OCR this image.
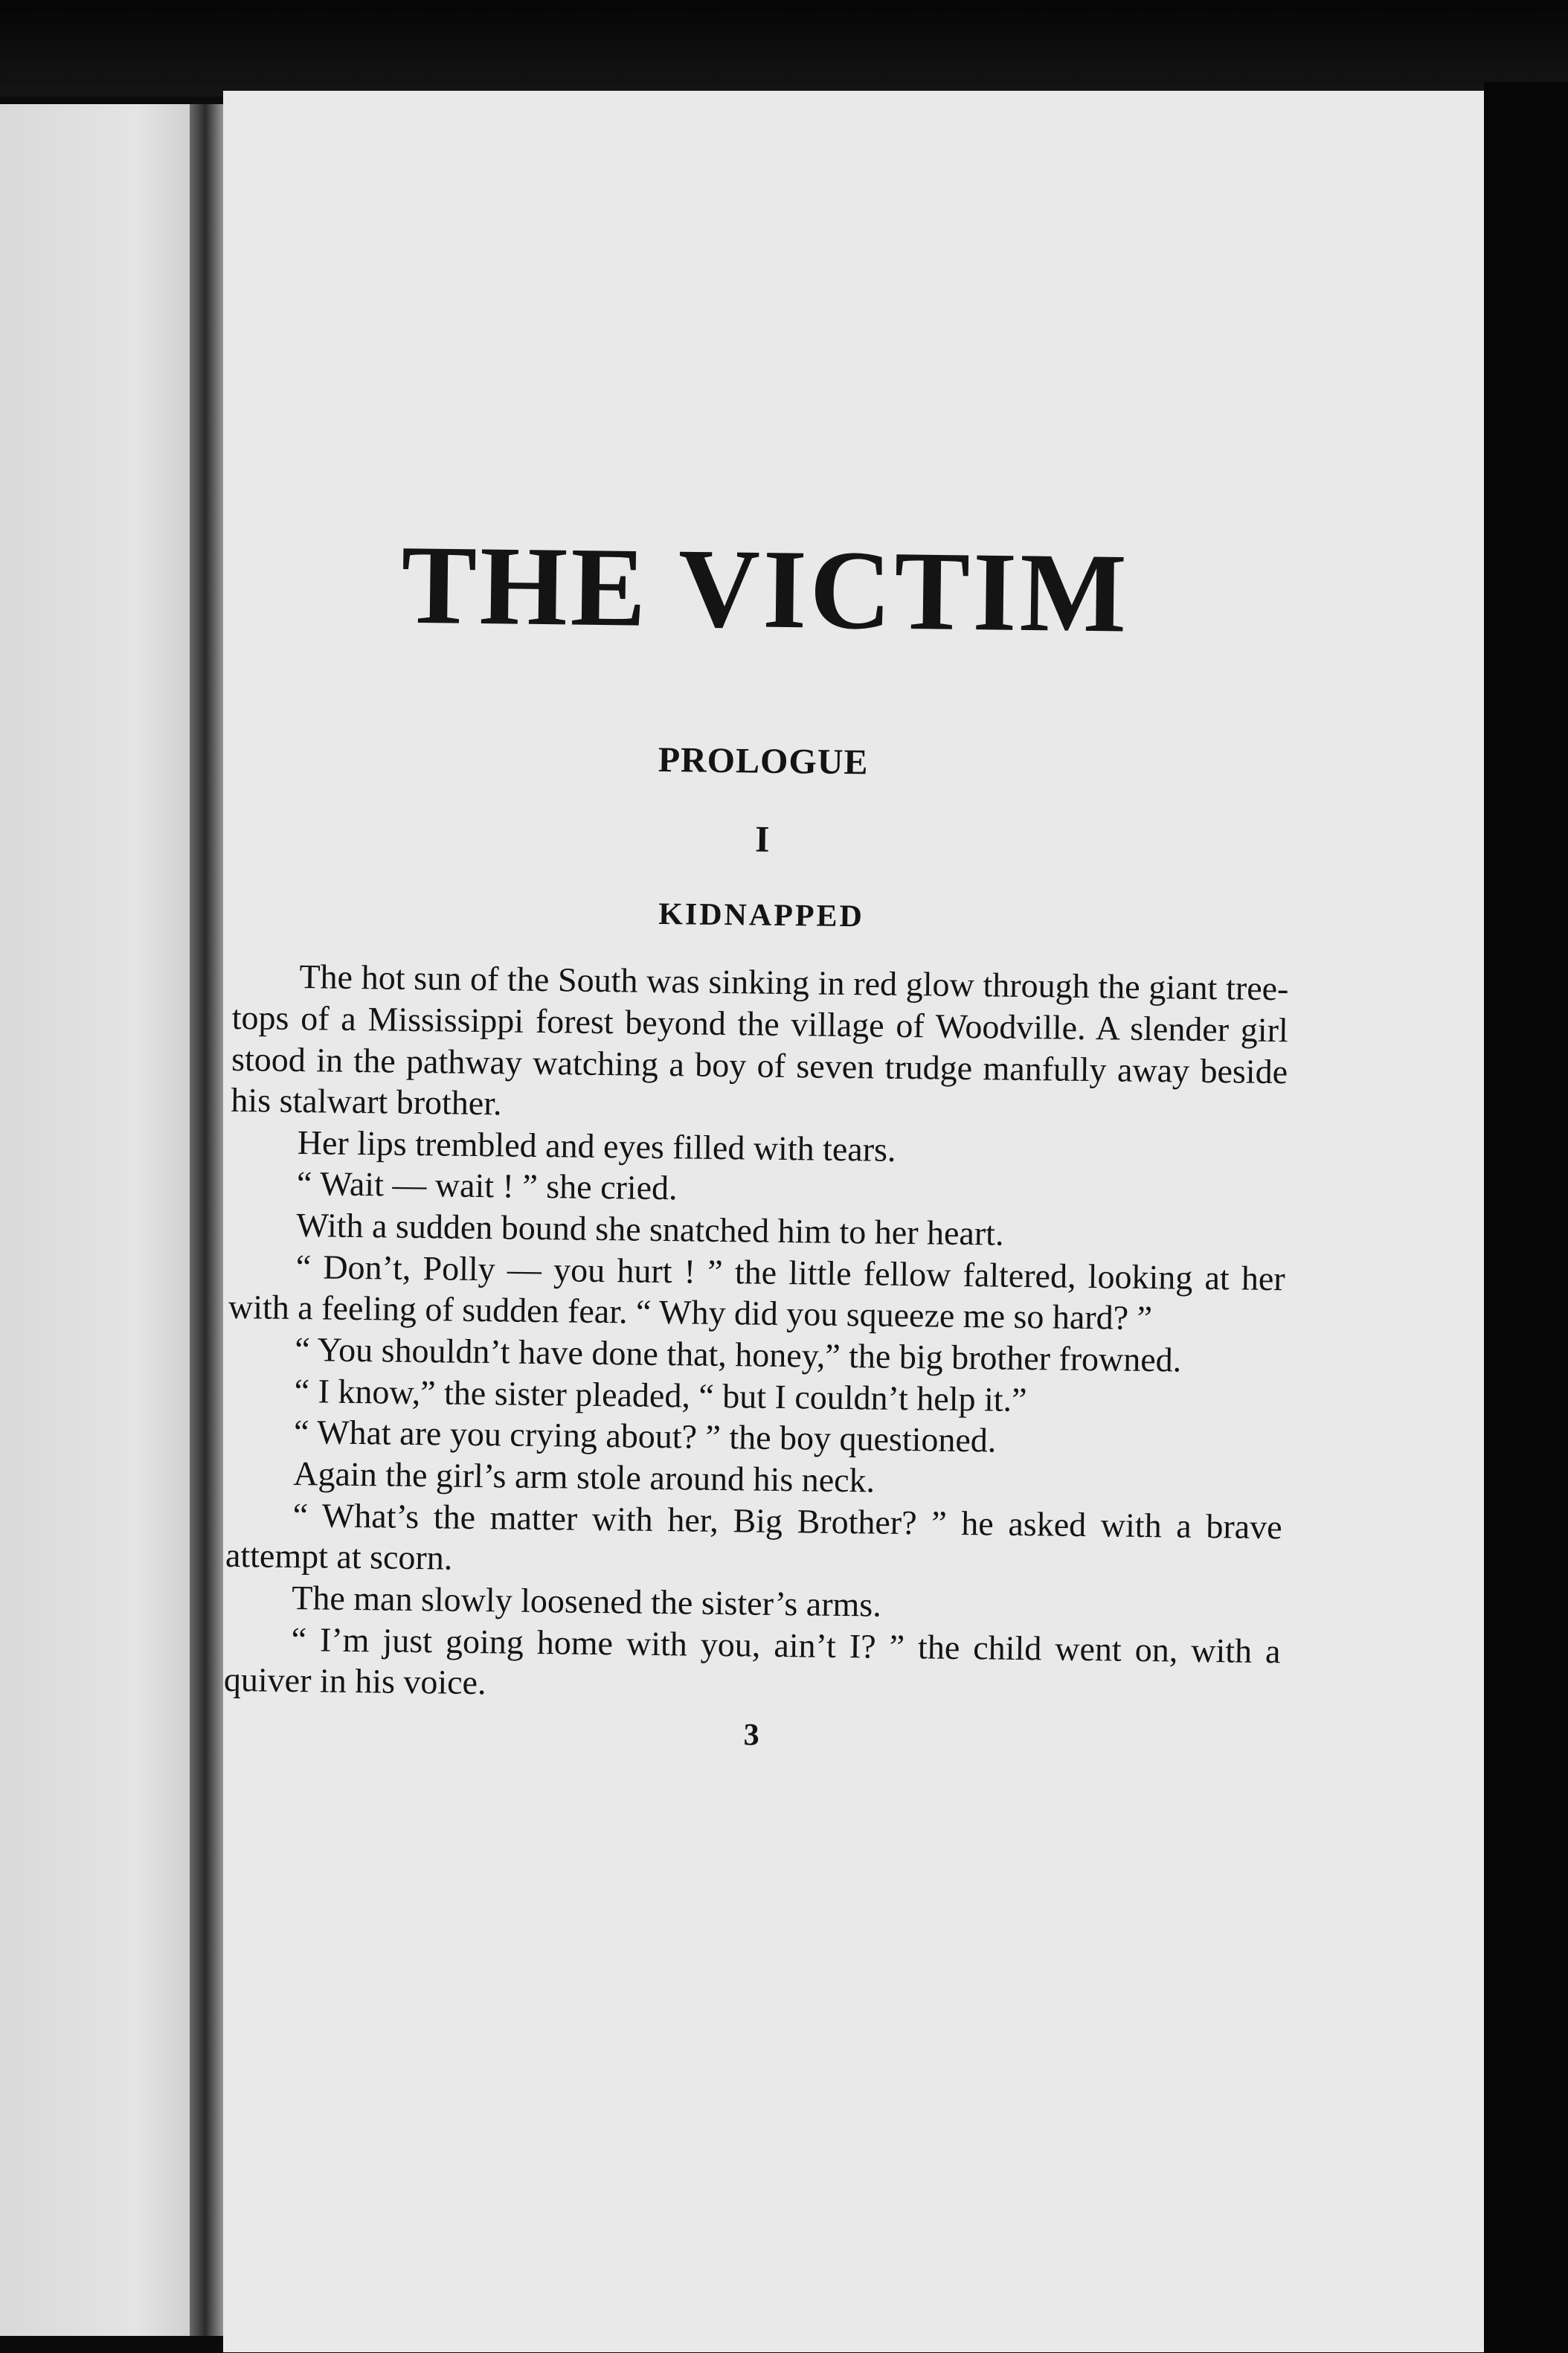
THE VICTIM
PROLOGUE
I
KIDNAPPED

The hot sun of the South was sinking in red glow through the giant tree-tops of a Mississippi forest beyond the village of Woodville. A slender girl stood in the pathway watching a boy of seven trudge manfully away beside his stalwart brother.

Her lips trembled and eyes filled with tears.

“ Wait — wait ! ” she cried.

With a sudden bound she snatched him to her heart.

“ Don’t, Polly — you hurt ! ” the little fellow faltered, looking at her with a feeling of sudden fear. “ Why did you squeeze me so hard? ”

“ You shouldn’t have done that, honey,” the big brother frowned.

“ I know,” the sister pleaded, “ but I couldn’t help it.”

“ What are you crying about? ” the boy questioned.

Again the girl’s arm stole around his neck.

“ What’s the matter with her, Big Brother? ” he asked with a brave attempt at scorn.

The man slowly loosened the sister’s arms.

“ I’m just going home with you, ain’t I? ” the child went on, with a quiver in his voice.

3
